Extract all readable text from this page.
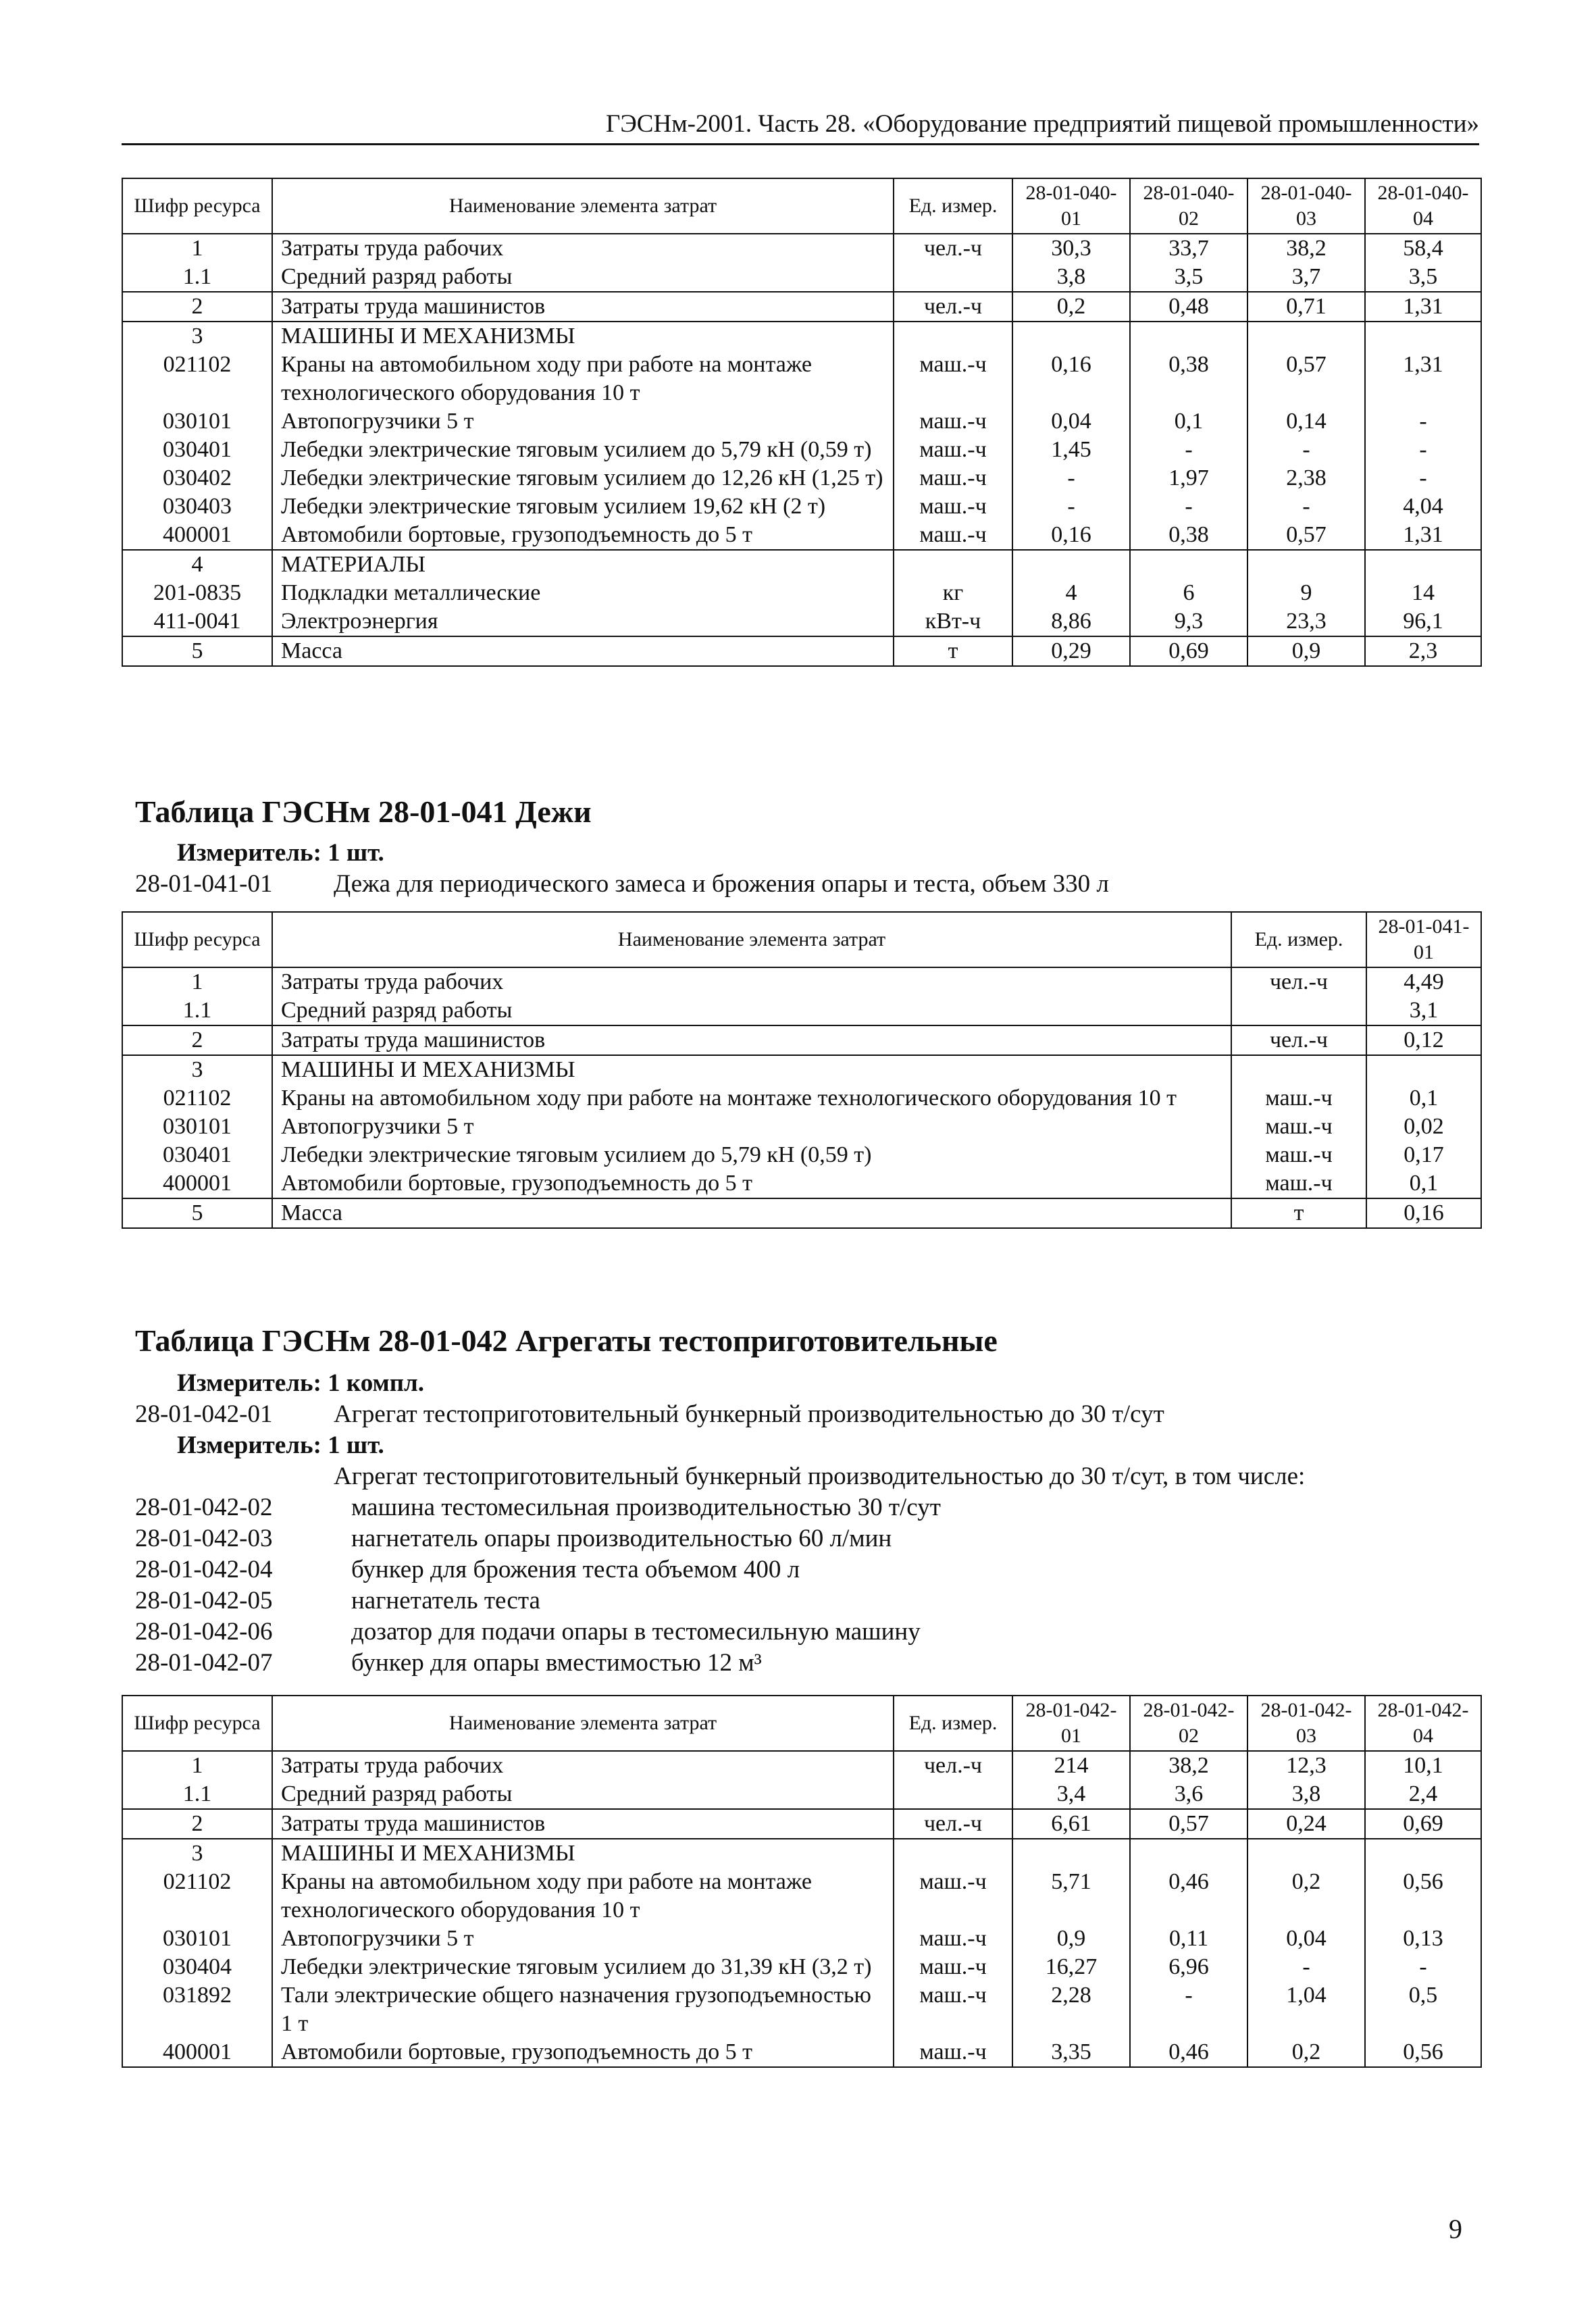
ГЭСНм-2001. Часть 28. «Оборудование предприятий пищевой промышленности»
Шифр ресурса	Наименование элемента затрат	Ед. измер.	28-01-040-01	28-01-040-02	28-01-040-03	28-01-040-04
1	Затраты труда рабочих	чел.-ч	30,3	33,7	38,2	58,4
1.1	Средний разряд работы		3,8	3,5	3,7	3,5
2	Затраты труда машинистов	чел.-ч	0,2	0,48	0,71	1,31
3	МАШИНЫ И МЕХАНИЗМЫ					
021102	Краны на автомобильном ходу при работе на монтаже технологического оборудования 10 т	маш.-ч	0,16	0,38	0,57	1,31
030101	Автопогрузчики 5 т	маш.-ч	0,04	0,1	0,14	-
030401	Лебедки электрические тяговым усилием до 5,79 кН (0,59 т)	маш.-ч	1,45	-	-	-
030402	Лебедки электрические тяговым усилием до 12,26 кН (1,25 т)	маш.-ч	-	1,97	2,38	-
030403	Лебедки электрические тяговым усилием 19,62 кН (2 т)	маш.-ч	-	-	-	4,04
400001	Автомобили бортовые, грузоподъемность до 5 т	маш.-ч	0,16	0,38	0,57	1,31
4	МАТЕРИАЛЫ					
201-0835	Подкладки металлические	кг	4	6	9	14
411-0041	Электроэнергия	кВт-ч	8,86	9,3	23,3	96,1
5	Масса	т	0,29	0,69	0,9	2,3
Таблица ГЭСНм 28-01-041 Дежи
Измеритель: 1 шт.
28-01-041-01 Дежа для периодического замеса и брожения опары и теста, объем 330 л
Шифр ресурса	Наименование элемента затрат	Ед. измер.	28-01-041-01
1	Затраты труда рабочих	чел.-ч	4,49
1.1	Средний разряд работы		3,1
2	Затраты труда машинистов	чел.-ч	0,12
3	МАШИНЫ И МЕХАНИЗМЫ		
021102	Краны на автомобильном ходу при работе на монтаже технологического оборудования 10 т	маш.-ч	0,1
030101	Автопогрузчики 5 т	маш.-ч	0,02
030401	Лебедки электрические тяговым усилием до 5,79 кН (0,59 т)	маш.-ч	0,17
400001	Автомобили бортовые, грузоподъемность до 5 т	маш.-ч	0,1
5	Масса	т	0,16
Таблица ГЭСНм 28-01-042 Агрегаты тестоприготовительные
Измеритель: 1 компл.
28-01-042-01 Агрегат тестоприготовительный бункерный производительностью до 30 т/сут
Измеритель: 1 шт.
Агрегат тестоприготовительный бункерный производительностью до 30 т/сут, в том числе:
28-01-042-02	машина тестомесильная производительностью 30 т/сут
28-01-042-03	нагнетатель опары производительностью 60 л/мин
28-01-042-04	бункер для брожения теста объемом 400 л
28-01-042-05	нагнетатель теста
28-01-042-06	дозатор для подачи опары в тестомесильную машину
28-01-042-07	бункер для опары вместимостью 12 м³
Шифр ресурса	Наименование элемента затрат	Ед. измер.	28-01-042-01	28-01-042-02	28-01-042-03	28-01-042-04
1	Затраты труда рабочих	чел.-ч	214	38,2	12,3	10,1
1.1	Средний разряд работы		3,4	3,6	3,8	2,4
2	Затраты труда машинистов	чел.-ч	6,61	0,57	0,24	0,69
3	МАШИНЫ И МЕХАНИЗМЫ					
021102	Краны на автомобильном ходу при работе на монтаже технологического оборудования 10 т	маш.-ч	5,71	0,46	0,2	0,56
030101	Автопогрузчики 5 т	маш.-ч	0,9	0,11	0,04	0,13
030404	Лебедки электрические тяговым усилием до 31,39 кН (3,2 т)	маш.-ч	16,27	6,96	-	-
031892	Тали электрические общего назначения грузоподъемностью 1 т	маш.-ч	2,28	-	1,04	0,5
400001	Автомобили бортовые, грузоподъемность до 5 т	маш.-ч	3,35	0,46	0,2	0,56
9
